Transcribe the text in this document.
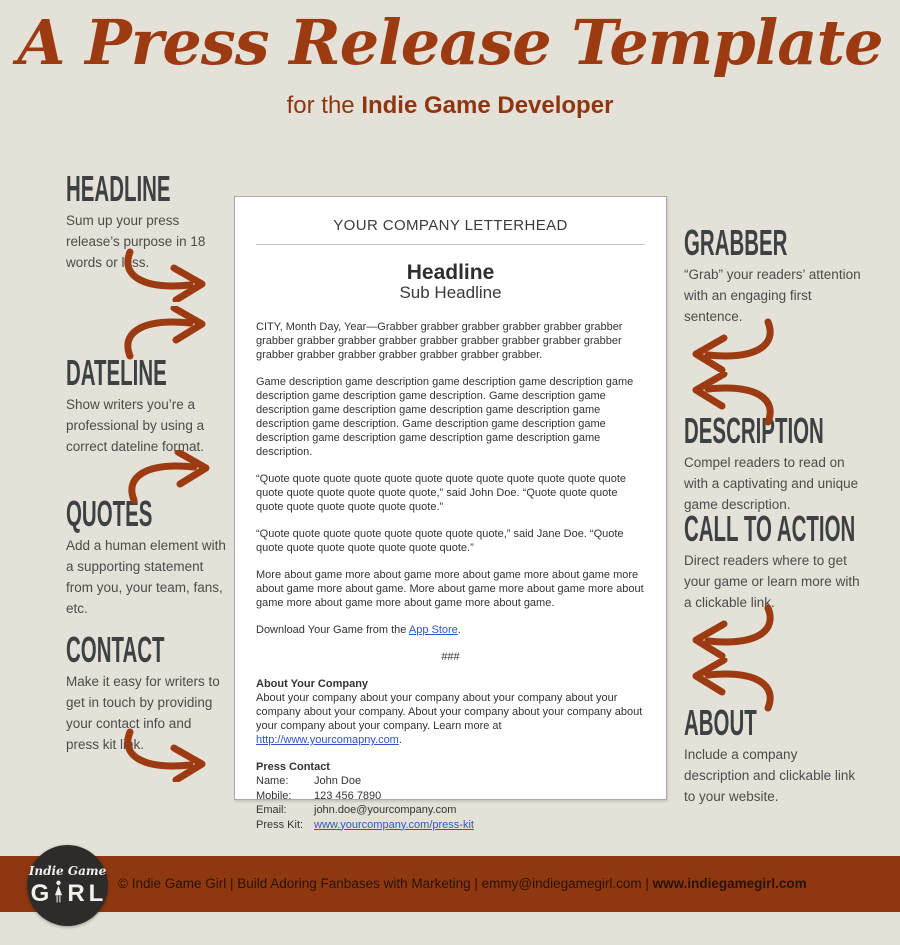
A Press Release Template
for the Indie Game Developer
HEADLINE
Sum up your press release’s purpose in 18 words or less.
DATELINE
Show writers you’re a professional by using a correct dateline format.
QUOTES
Add a human element with a supporting statement from you, your team, fans, etc.
CONTACT
Make it easy for writers to get in touch by providing your contact info and press kit link.
GRABBER
“Grab” your readers’ attention with an engaging first sentence.
DESCRIPTION
Compel readers to read on with a captivating and unique game description.
CALL TO ACTION
Direct readers where to get your game or learn more with a clickable link.
ABOUT
Include a company description and clickable link to your website.
YOUR COMPANY LETTERHEAD
Headline
Sub Headline

CITY, Month Day, Year—Grabber grabber grabber grabber grabber grabber grabber grabber grabber grabber grabber grabber grabber grabber grabber grabber grabber grabber grabber grabber grabber grabber.

Game description game description game description game description game description game description game description. Game description game description game description game description game description game description game description. Game description game description game description game description game description game description game description.

“Quote quote quote quote quote quote quote quote quote quote quote quote quote quote quote quote quote quote,” said John Doe. “Quote quote quote quote quote quote quote quote quote.”

“Quote quote quote quote quote quote quote quote,” said Jane Doe. “Quote quote quote quote quote quote quote quote.”

More about game more about game more about game more about game more about game more about game. More about game more about game more about game more about game more about game more about game.

Download Your Game from the App Store.

###

About Your Company

About your company about your company about your company about your company about your company. About your company about your company about your company about your company. Learn more at http://www.yourcomapny.com.

Press Contact
Name:	John Doe
Mobile:	123 456 7890
Email:	john.doe@yourcompany.com
Press Kit: www.yourcompany.com/press-kit
© Indie Game Girl | Build Adoring Fanbases with Marketing | emmy@indiegamegirl.com | www.indiegamegirl.com
Indie Game
G R L
